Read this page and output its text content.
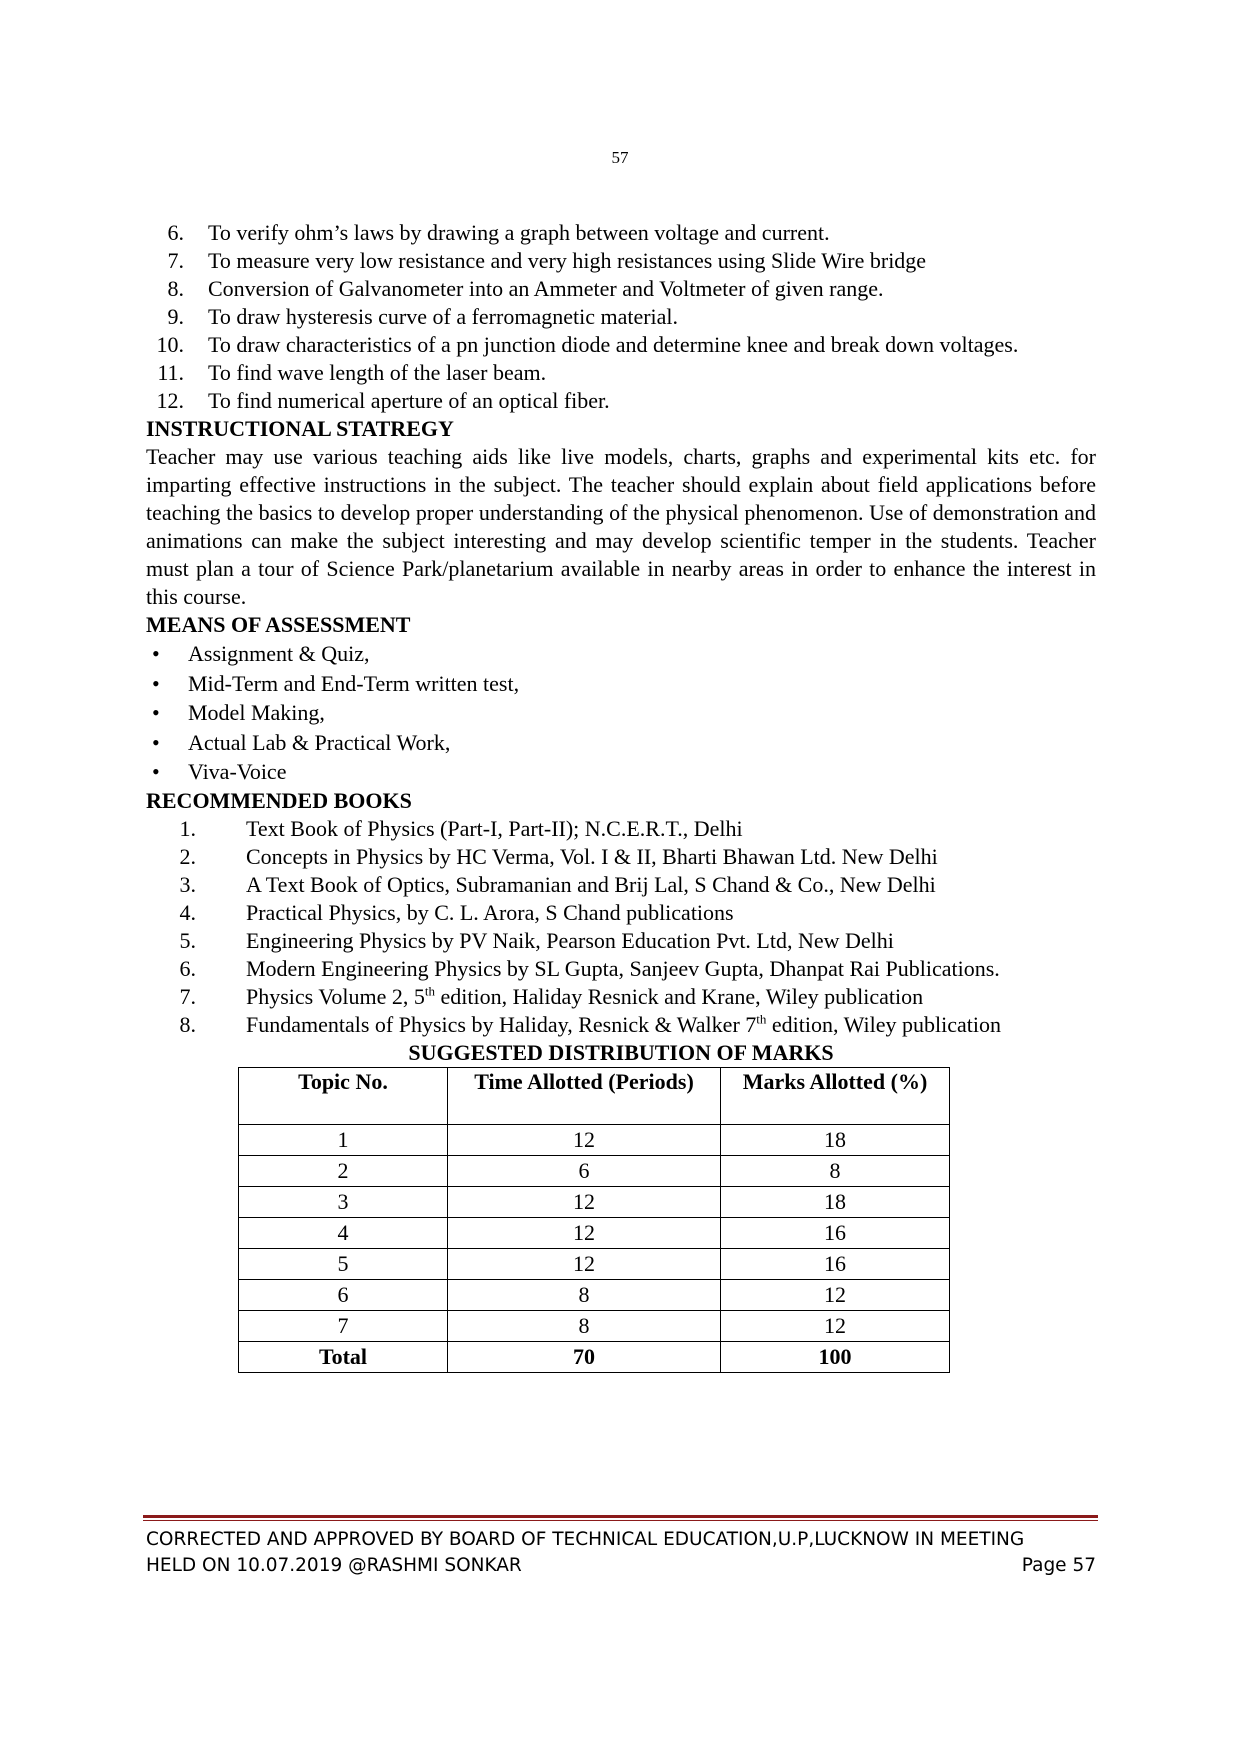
57
6.	To verify ohm’s laws by drawing a graph between voltage and current.
7.	To measure very low resistance and very high resistances using Slide Wire bridge
8.	Conversion of Galvanometer into an Ammeter and Voltmeter of given range.
9.	To draw hysteresis curve of a ferromagnetic material.
10.	To draw characteristics of a pn junction diode and determine knee and break down voltages.
11.	To find wave length of the laser beam.
12.	To find numerical aperture of an optical fiber.
INSTRUCTIONAL STATREGY

Teacher may use various teaching aids like live models, charts, graphs and experimental kits etc. for imparting effective instructions in the subject. The teacher should explain about field applications before teaching the basics to develop proper understanding of the physical phenomenon. Use of demonstration and animations can make the subject interesting and may develop scientific temper in the students. Teacher must plan a tour of Science Park/planetarium available in nearby areas in order to enhance the interest in this course.

MEANS OF ASSESSMENT
•	Assignment & Quiz,
•	Mid-Term and End-Term written test,
•	Model Making,
•	Actual Lab & Practical Work,
•	Viva-Voice
RECOMMENDED BOOKS
1.	Text Book of Physics (Part-I, Part-II); N.C.E.R.T., Delhi
2.	Concepts in Physics by HC Verma, Vol. I & II, Bharti Bhawan Ltd. New Delhi
3.	A Text Book of Optics, Subramanian and Brij Lal, S Chand & Co., New Delhi
4.	Practical Physics, by C. L. Arora, S Chand publications
5.	Engineering Physics by PV Naik, Pearson Education Pvt. Ltd, New Delhi
6.	Modern Engineering Physics by SL Gupta, Sanjeev Gupta, Dhanpat Rai Publications.
7.	Physics Volume 2, 5th edition, Haliday Resnick and Krane, Wiley publication
8.	Fundamentals of Physics by Haliday, Resnick & Walker 7th edition, Wiley publication
SUGGESTED DISTRIBUTION OF MARKS
Topic No.	Time Allotted (Periods)	Marks Allotted (%)
1	12	18
2	6	8
3	12	18
4	12	16
5	12	16
6	8	12
7	8	12
Total	70	100
CORRECTED AND APPROVED BY BOARD OF TECHNICAL EDUCATION,U.P,LUCKNOW IN MEETING
HELD ON 10.07.2019 @RASHMI SONKAR	Page 57
